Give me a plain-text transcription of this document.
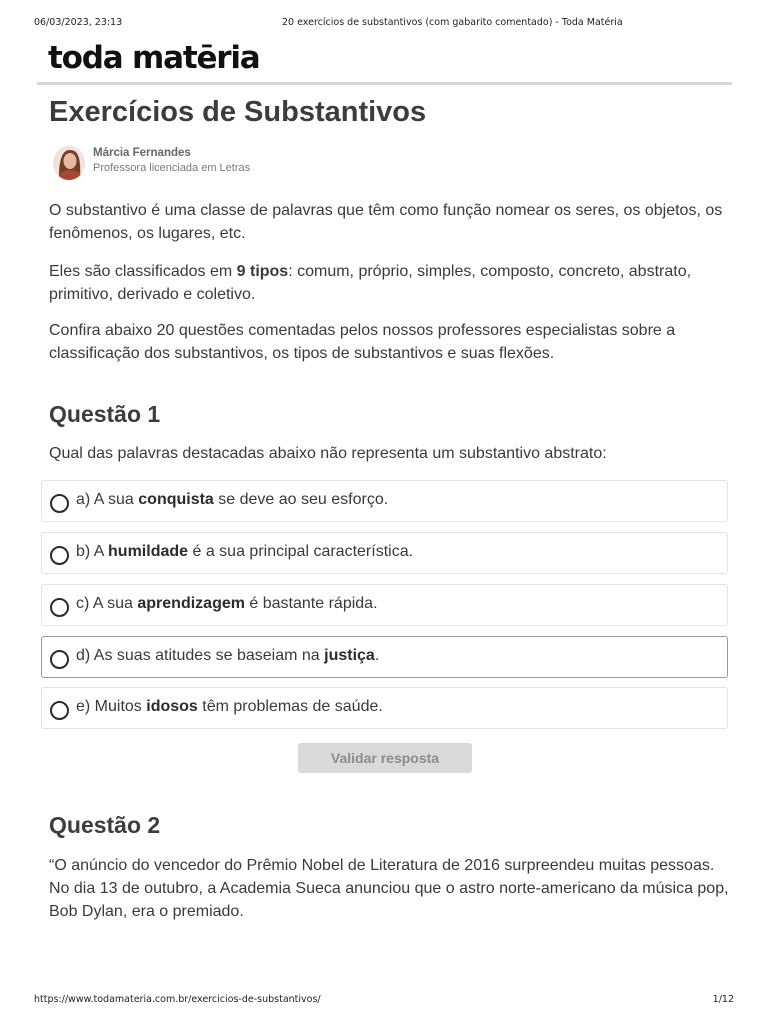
06/03/2023, 23:13	20 exercícios de substantivos (com gabarito comentado) - Toda Matéria
toda matēria
Exercícios de Substantivos
Márcia Fernandes
Professora licenciada em Letras

O substantivo é uma classe de palavras que têm como função nomear os seres, os objetos, os fenômenos, os lugares, etc.

Eles são classificados em 9 tipos: comum, próprio, simples, composto, concreto, abstrato, primitivo, derivado e coletivo.

Confira abaixo 20 questões comentadas pelos nossos professores especialistas sobre a classificação dos substantivos, os tipos de substantivos e suas flexões.

Questão 1

Qual das palavras destacadas abaixo não representa um substantivo abstrato:

a) A sua conquista se deve ao seu esforço.
b) A humildade é a sua principal característica.
c) A sua aprendizagem é bastante rápida.
d) As suas atitudes se baseiam na justiça.
e) Muitos idosos têm problemas de saúde.
Validar resposta
Questão 2

“O anúncio do vencedor do Prêmio Nobel de Literatura de 2016 surpreendeu muitas pessoas. No dia 13 de outubro, a Academia Sueca anunciou que o astro norte-americano da música pop, Bob Dylan, era o premiado.

https://www.todamateria.com.br/exercicios-de-substantivos/	1/12
